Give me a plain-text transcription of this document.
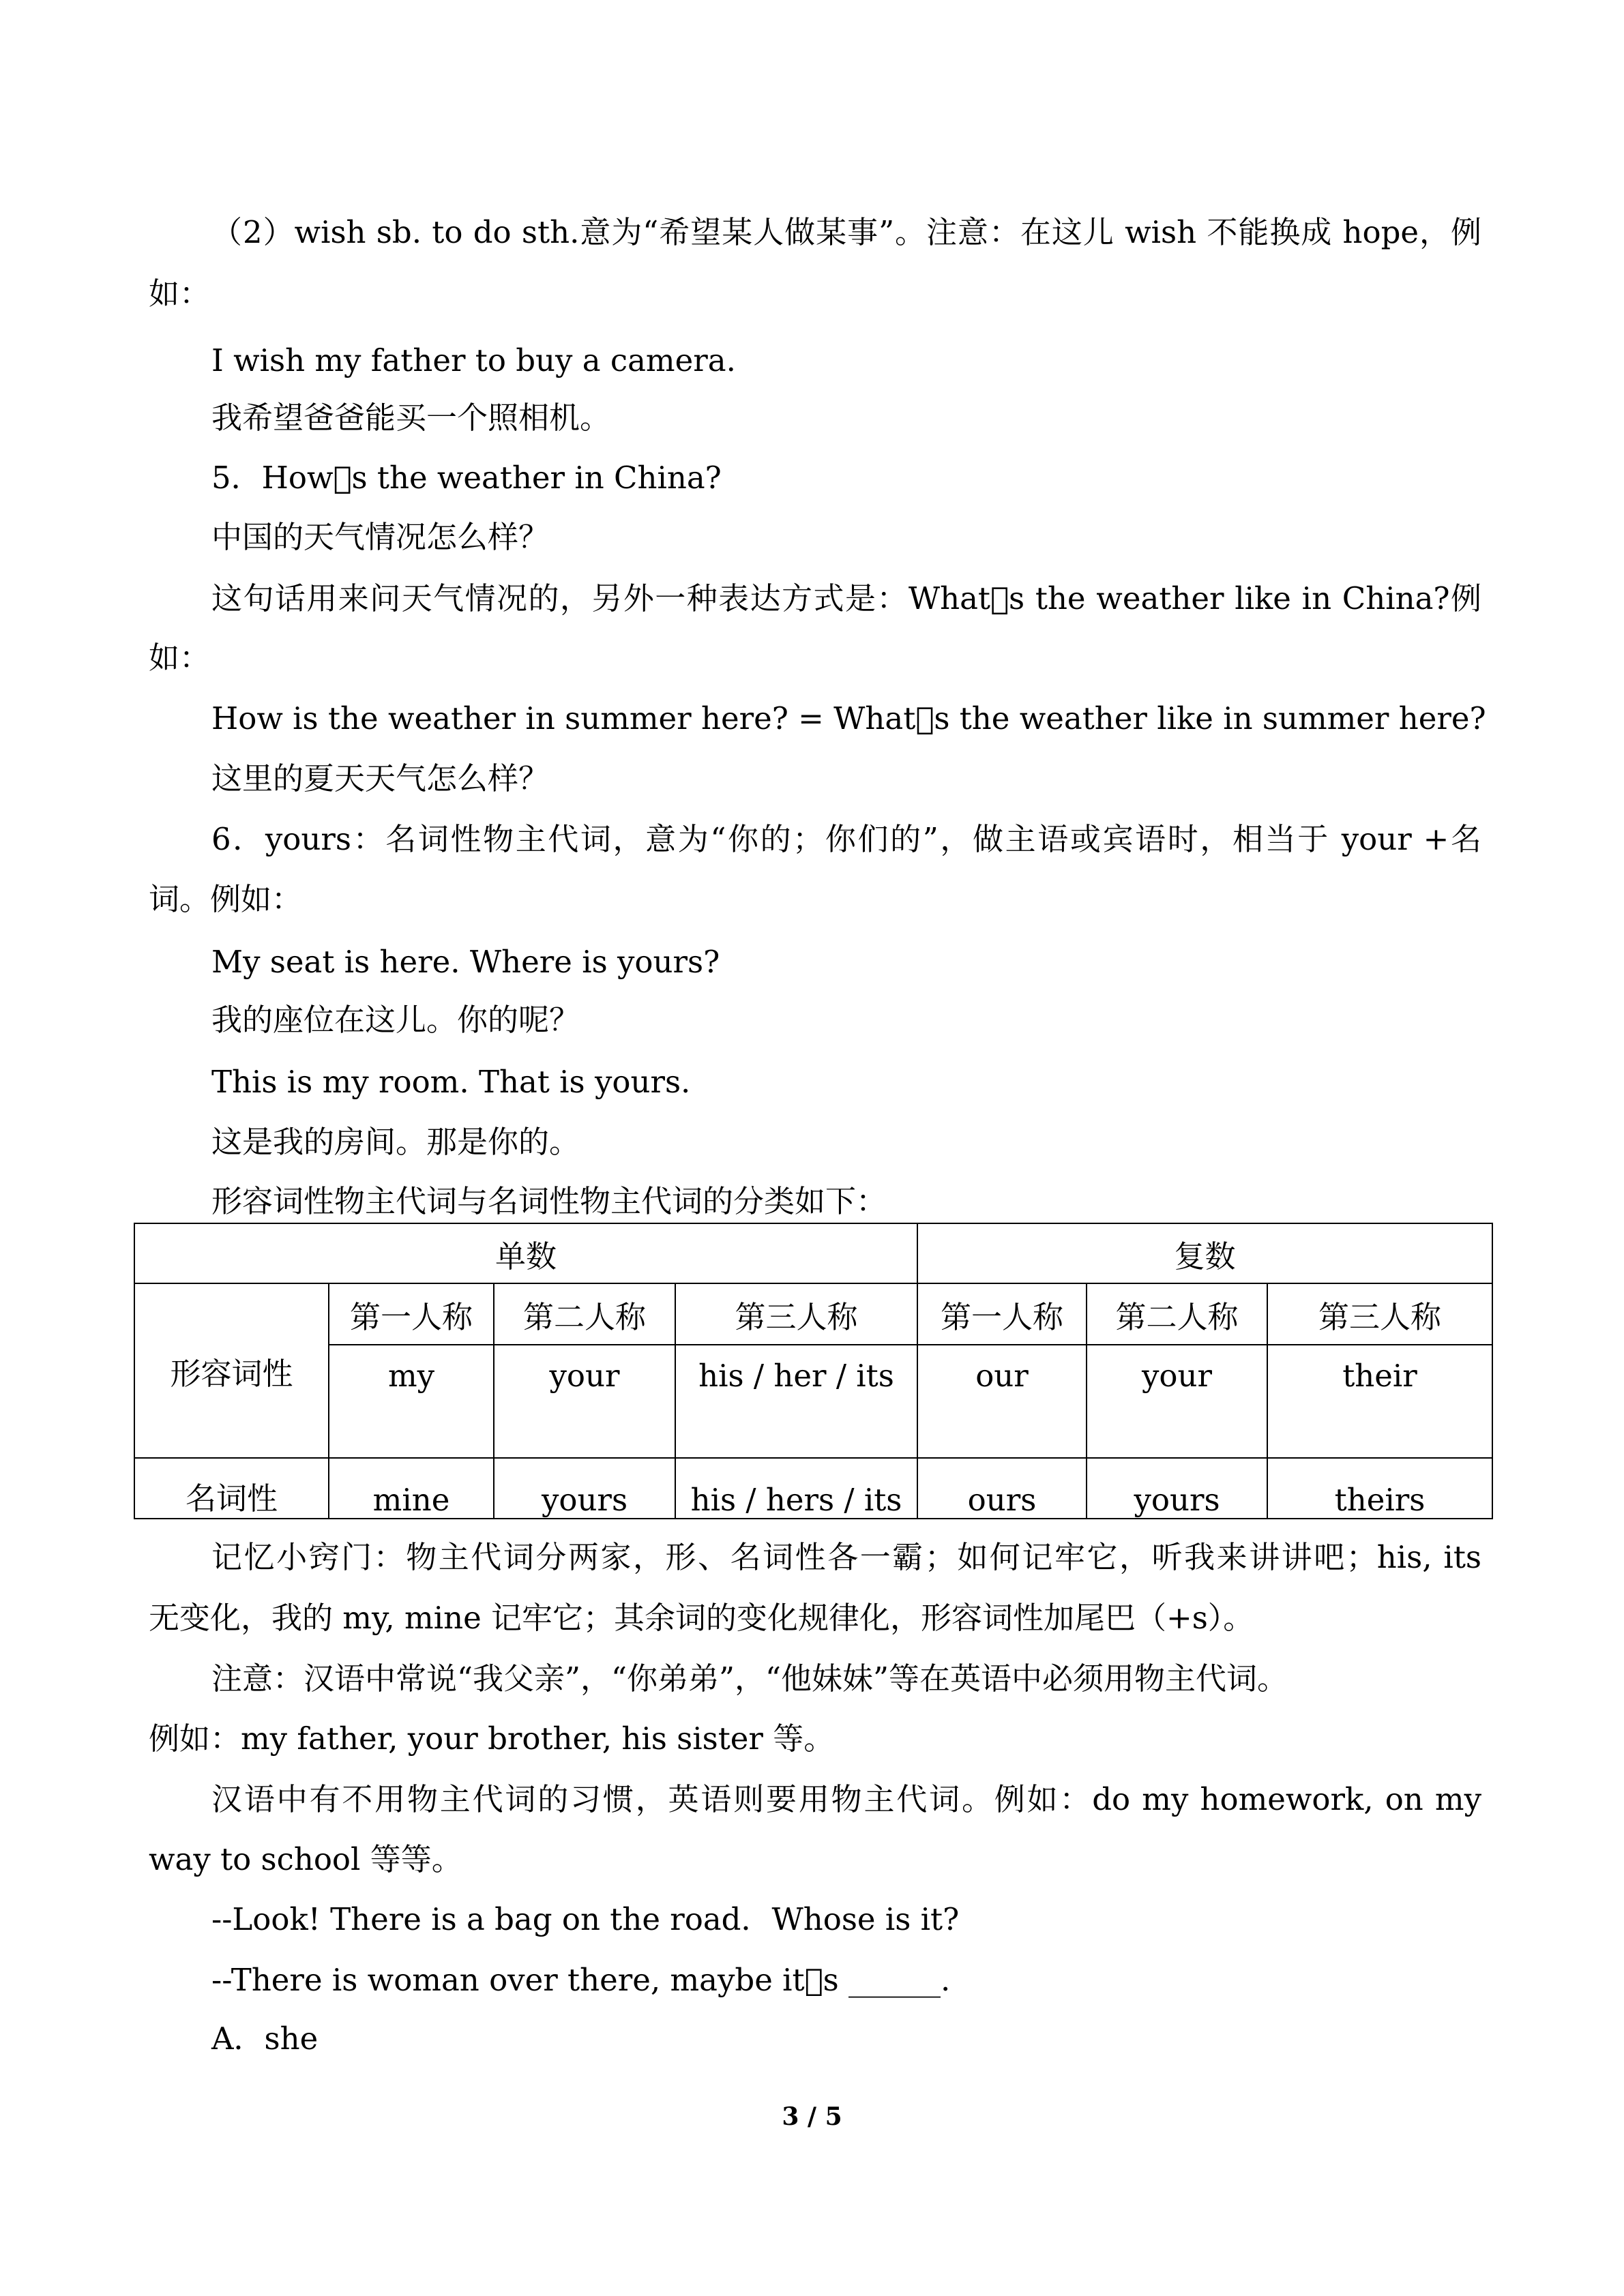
（2）wish sb. to do sth.意为“希望某人做某事”。注意：在这儿 wish 不能换成 hope，例

如：

I wish my father to buy a camera.

我希望爸爸能买一个照相机。

5．How s the weather in China?

中国的天气情况怎么样？

这句话用来问天气情况的，另外一种表达方式是：What s the weather like in China?例

如：

How is the weather in summer here? = What s the weather like in summer here?

这里的夏天天气怎么样？

6．yours：名词性物主代词，意为“你的；你们的”，做主语或宾语时，相当于 your +名

词。例如：

My seat is here. Where is yours?

我的座位在这儿。你的呢？

This is my room. That is yours.

这是我的房间。那是你的。

形容词性物主代词与名词性物主代词的分类如下：

记忆小窍门：物主代词分两家，形、名词性各一霸；如何记牢它，听我来讲讲吧；his, its

无变化，我的 my, mine 记牢它；其余词的变化规律化，形容词性加尾巴（+s）。

注意：汉语中常说“我父亲”，“你弟弟”，“他妹妹”等在英语中必须用物主代词。

例如：my father, your brother, his sister 等。

汉语中有不用物主代词的习惯，英语则要用物主代词。例如：do my homework, on my

way to school 等等。

--Look! There is a bag on the road．Whose is it?

--There is woman over there, maybe it s ______.

A．she

单数				复数		
形容词性	第一人称	第二人称	第三人称	第一人称	第二人称	第三人称
	my	your	his / her / its	our	your	their
名词性	mine	yours	his / hers / its	ours	yours	theirs
3 / 5
